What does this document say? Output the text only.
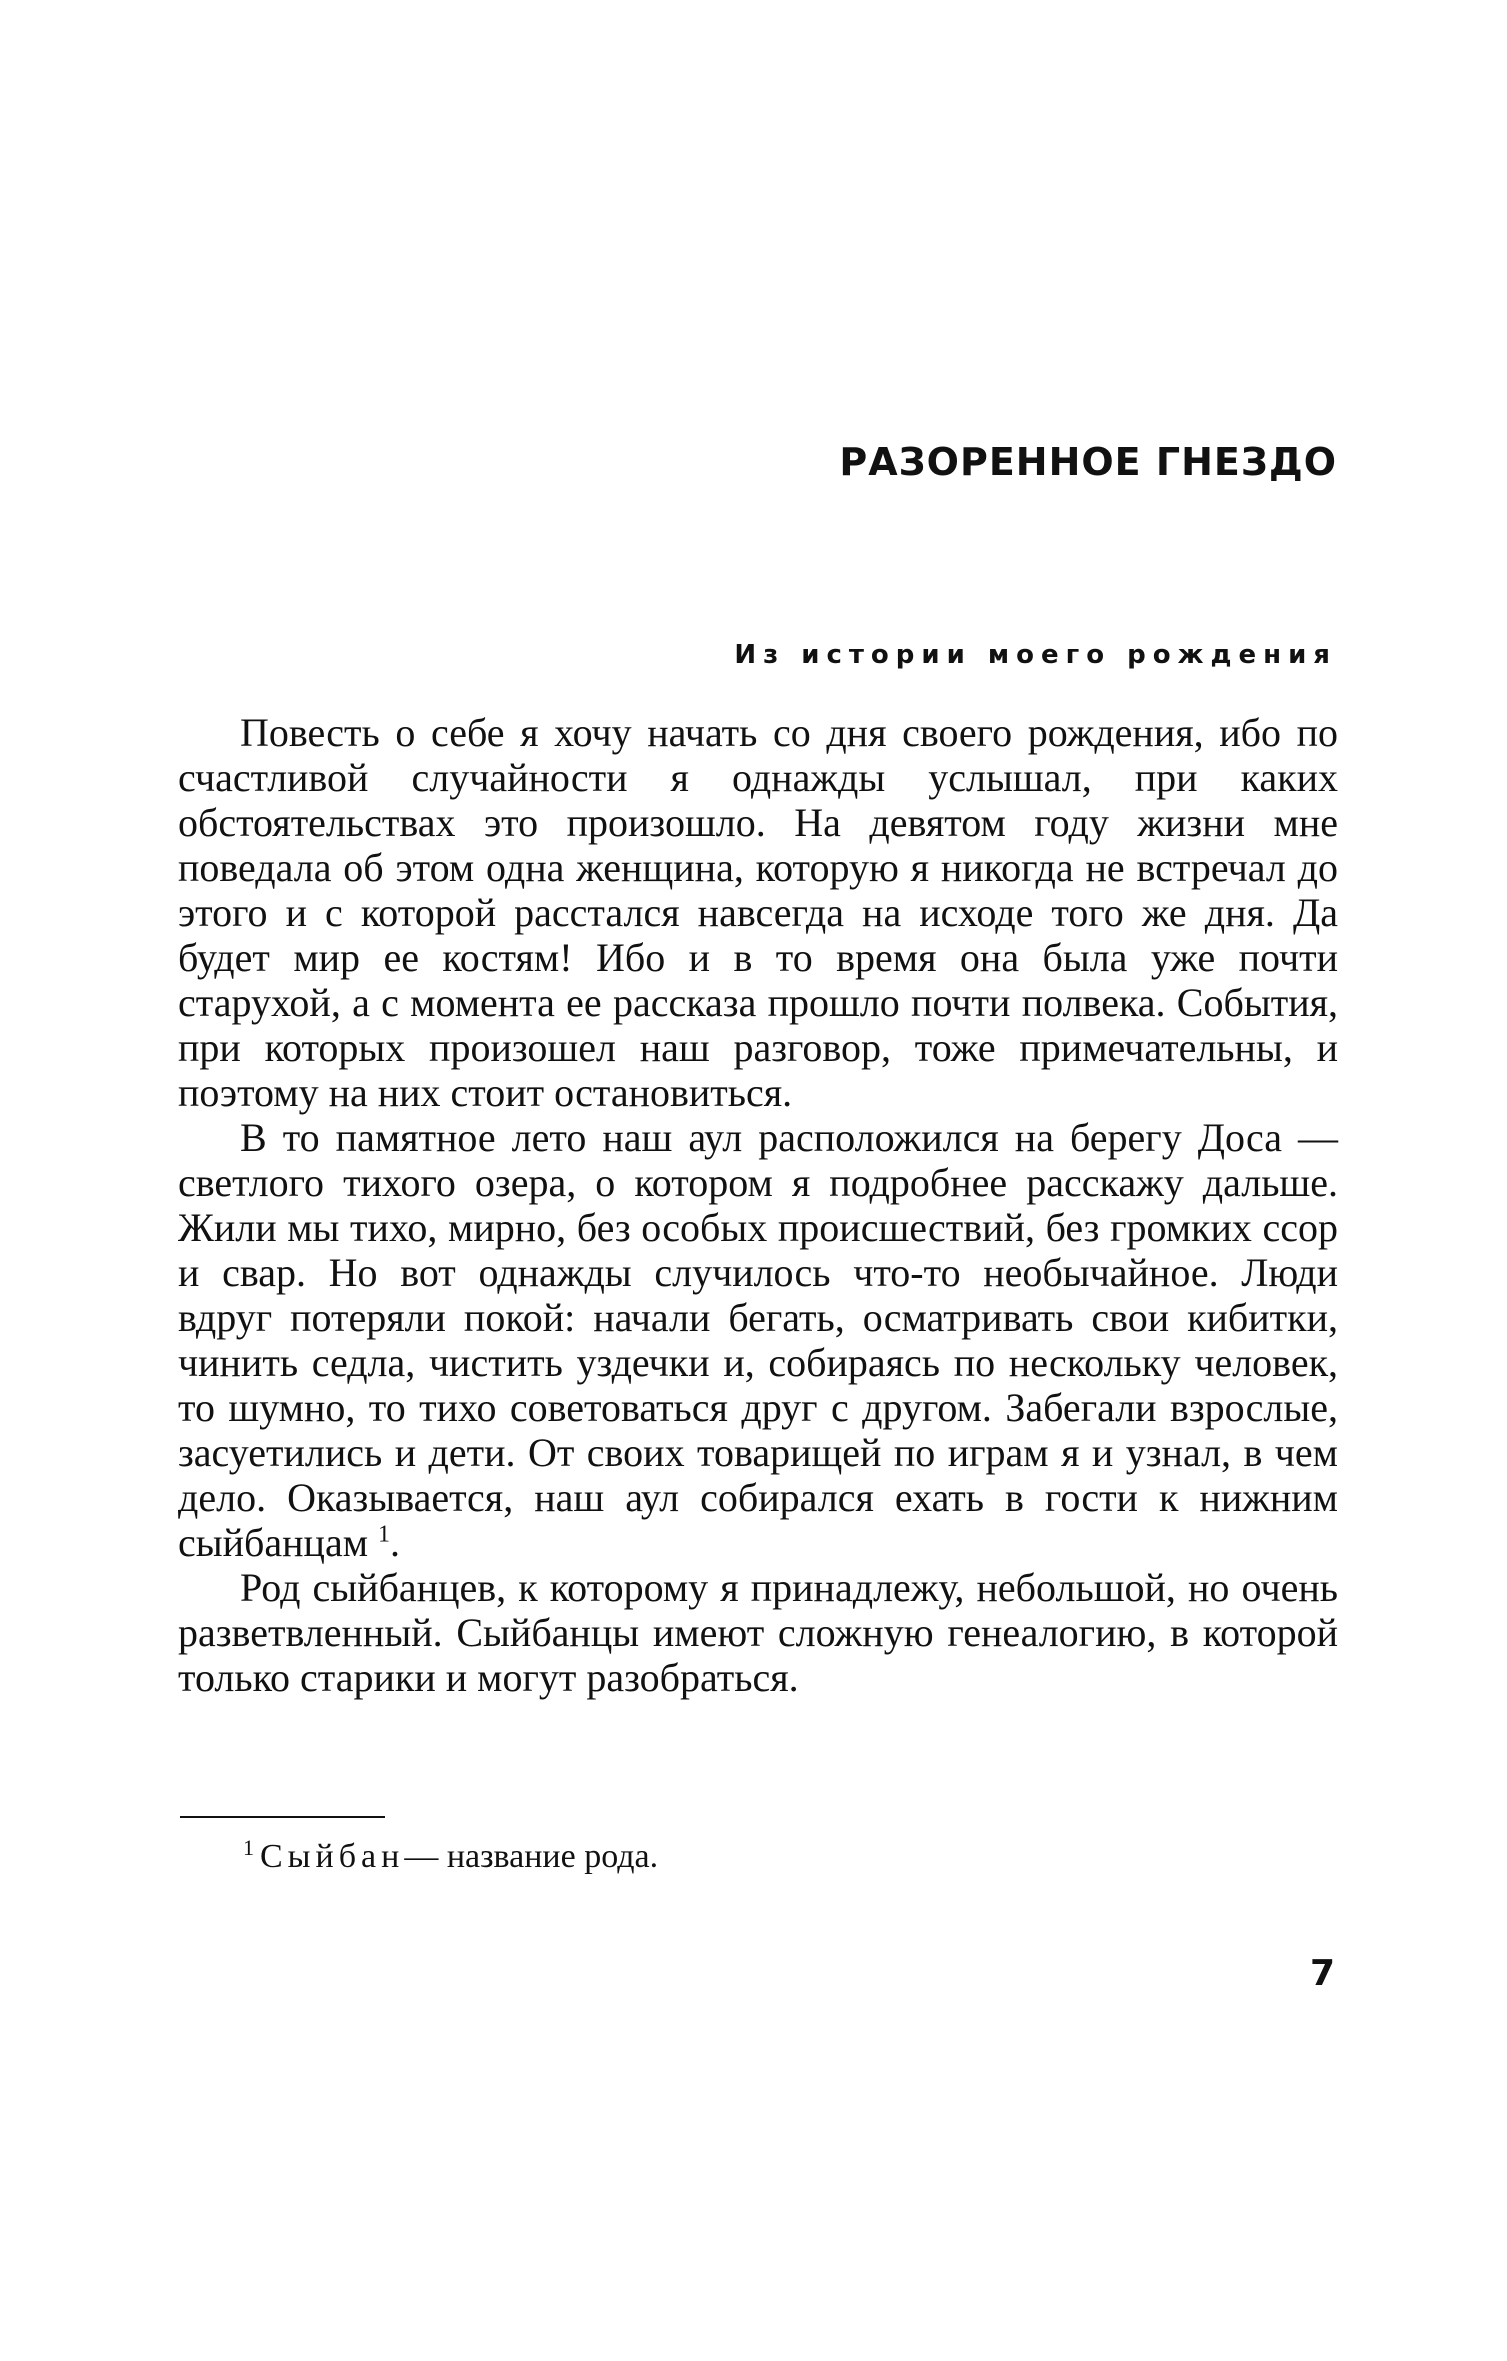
РАЗОРЕННОЕ ГНЕЗДО
Из истории моего рождения

Повесть о себе я хочу начать со дня своего рождения, ибо по счастливой случайности я однажды услышал, при каких обстоятельствах это произошло. На девятом году жизни мне поведала об этом одна женщина, которую я никогда не встречал до этого и с которой расстался навсегда на исходе того же дня. Да будет мир ее костям! Ибо и в то время она была уже почти старухой, а с момента ее рассказа прошло почти полвека. События, при которых произошел наш разговор, тоже примечательны, и поэтому на них стоит остановиться.

В то памятное лето наш аул расположился на берегу Доса — светлого тихого озера, о котором я подробнее расскажу дальше. Жили мы тихо, мирно, без особых происшествий, без громких ссор и свар. Но вот однажды случилось что-то необычайное. Люди вдруг потеряли покой: начали бегать, осматривать свои кибитки, чинить седла, чистить уздечки и, собираясь по нескольку человек, то шумно, то тихо советоваться друг с другом. Забегали взрослые, засуетились и дети. От своих товарищей по играм я и узнал, в чем дело. Оказывается, наш аул собирался ехать в гости к нижним сыйбанцам $^1$.

Род сыйбанцев, к которому я принадлежу, небольшой, но очень разветвленный. Сыйбанцы имеют сложную генеалогию, в которой только старики и могут разобраться.

$^1$ Сыйбан— название рода.
7
